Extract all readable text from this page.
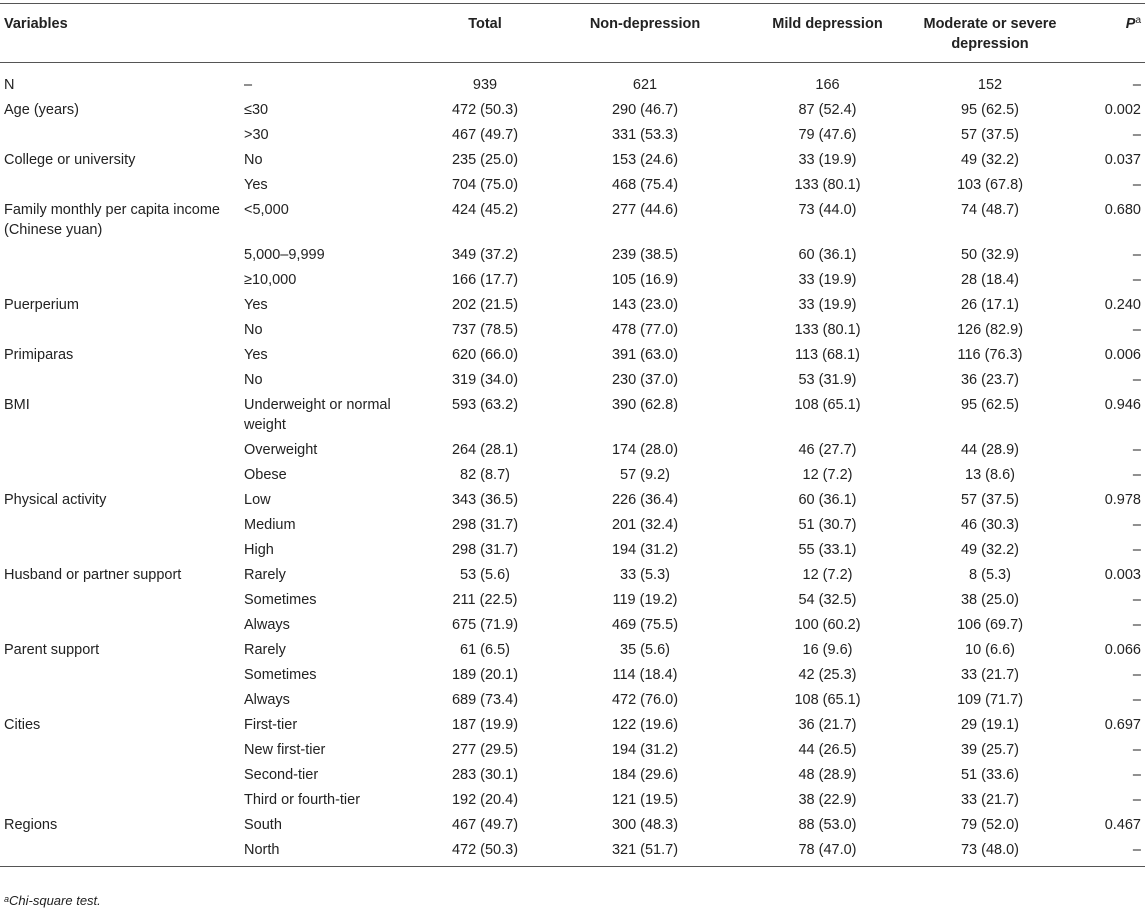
Variables		Total	Non-depression	Mild depression	Moderate or severe depression	$P^a$
N	–	939	621	166	152	–
Age (years)	≤30	472 (50.3)	290 (46.7)	87 (52.4)	95 (62.5)	0.002
	>30	467 (49.7)	331 (53.3)	79 (47.6)	57 (37.5)	–
College or university	No	235 (25.0)	153 (24.6)	33 (19.9)	49 (32.2)	0.037
	Yes	704 (75.0)	468 (75.4)	133 (80.1)	103 (67.8)	–
Family monthly per capita income (Chinese yuan)	<5,000	424 (45.2)	277 (44.6)	73 (44.0)	74 (48.7)	0.680
	5,000–9,999	349 (37.2)	239 (38.5)	60 (36.1)	50 (32.9)	–
	≥10,000	166 (17.7)	105 (16.9)	33 (19.9)	28 (18.4)	–
Puerperium	Yes	202 (21.5)	143 (23.0)	33 (19.9)	26 (17.1)	0.240
	No	737 (78.5)	478 (77.0)	133 (80.1)	126 (82.9)	–
Primiparas	Yes	620 (66.0)	391 (63.0)	113 (68.1)	116 (76.3)	0.006
	No	319 (34.0)	230 (37.0)	53 (31.9)	36 (23.7)	–
BMI	Underweight or normal weight	593 (63.2)	390 (62.8)	108 (65.1)	95 (62.5)	0.946
	Overweight	264 (28.1)	174 (28.0)	46 (27.7)	44 (28.9)	–
	Obese	82 (8.7)	57 (9.2)	12 (7.2)	13 (8.6)	–
Physical activity	Low	343 (36.5)	226 (36.4)	60 (36.1)	57 (37.5)	0.978
	Medium	298 (31.7)	201 (32.4)	51 (30.7)	46 (30.3)	–
	High	298 (31.7)	194 (31.2)	55 (33.1)	49 (32.2)	–
Husband or partner support	Rarely	53 (5.6)	33 (5.3)	12 (7.2)	8 (5.3)	0.003
	Sometimes	211 (22.5)	119 (19.2)	54 (32.5)	38 (25.0)	–
	Always	675 (71.9)	469 (75.5)	100 (60.2)	106 (69.7)	–
Parent support	Rarely	61 (6.5)	35 (5.6)	16 (9.6)	10 (6.6)	0.066
	Sometimes	189 (20.1)	114 (18.4)	42 (25.3)	33 (21.7)	–
	Always	689 (73.4)	472 (76.0)	108 (65.1)	109 (71.7)	–
Cities	First-tier	187 (19.9)	122 (19.6)	36 (21.7)	29 (19.1)	0.697
	New first-tier	277 (29.5)	194 (31.2)	44 (26.5)	39 (25.7)	–
	Second-tier	283 (30.1)	184 (29.6)	48 (28.9)	51 (33.6)	–
	Third or fourth-tier	192 (20.4)	121 (19.5)	38 (22.9)	33 (21.7)	–
Regions	South	467 (49.7)	300 (48.3)	88 (53.0)	79 (52.0)	0.467
	North	472 (50.3)	321 (51.7)	78 (47.0)	73 (48.0)	–
$^a$Chi-square test.
